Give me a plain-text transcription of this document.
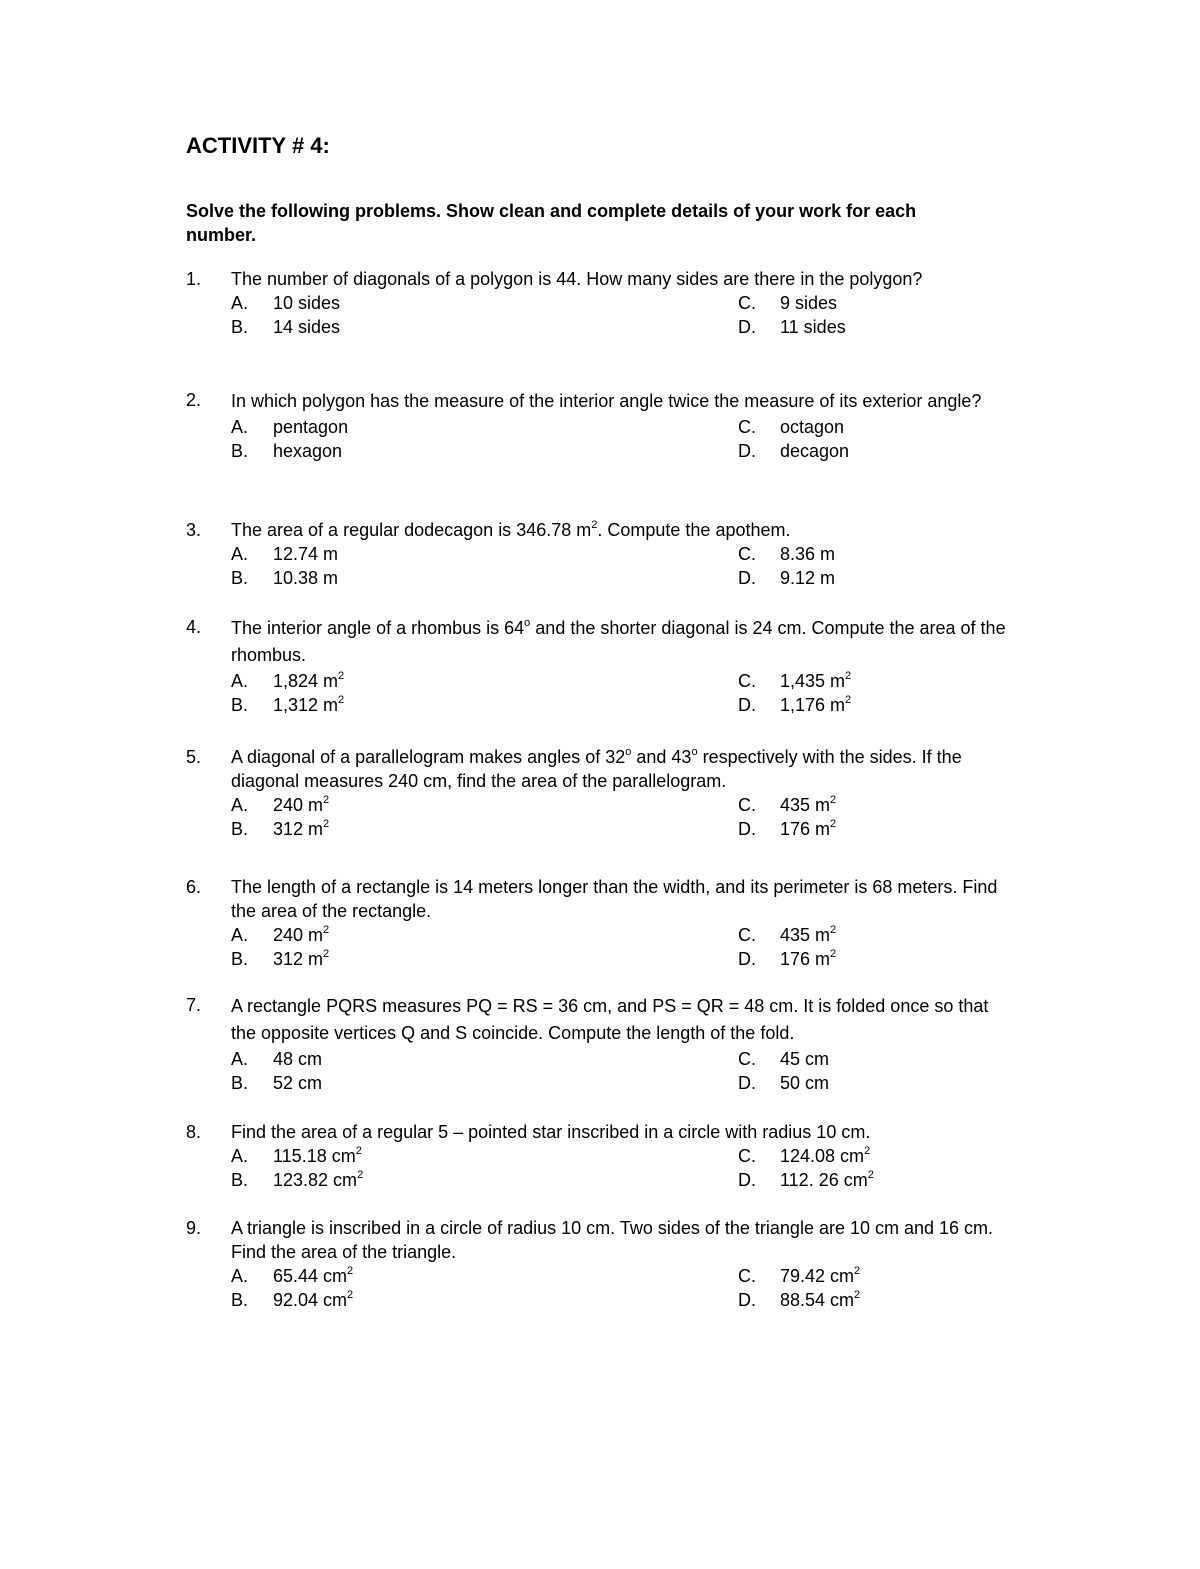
ACTIVITY # 4:

Solve the following problems. Show clean and complete details of your work for each number.

1. The number of diagonals of a polygon is 44. How many sides are there in the polygon?
A. 10 sides	C. 9 sides
B. 14 sides	D. 11 sides
2. In which polygon has the measure of the interior angle twice the measure of its exterior angle?
A. pentagon	C. octagon
B. hexagon	D. decagon
3. The area of a regular dodecagon is 346.78 $m^2$. Compute the apothem.
A. 12.74 m	C. 8.36 m
B. 10.38 m	D. 9.12 m
4. The interior angle of a rhombus is 64$^o$ and the shorter diagonal is 24 cm. Compute the area of the rhombus.
A. 1,824 $m^2$	C. 1,435 $m^2$
B. 1,312 $m^2$	D. 1,176 $m^2$
5. A diagonal of a parallelogram makes angles of 32$^o$ and 43$^o$ respectively with the sides. If the diagonal measures 240 cm, find the area of the parallelogram.
A. 240 $m^2$	C. 435 $m^2$
B. 312 $m^2$	D. 176 $m^2$
6. The length of a rectangle is 14 meters longer than the width, and its perimeter is 68 meters. Find the area of the rectangle.
A. 240 $m^2$	C. 435 $m^2$
B. 312 $m^2$	D. 176 $m^2$
7. A rectangle PQRS measures PQ = RS = 36 cm, and PS = QR = 48 cm. It is folded once so that the opposite vertices Q and S coincide. Compute the length of the fold.
A. 48 cm	C. 45 cm
B. 52 cm	D. 50 cm
8. Find the area of a regular 5 – pointed star inscribed in a circle with radius 10 cm.
A. 115.18 $cm^2$	C. 124.08 $cm^2$
B. 123.82 $cm^2$	D. 112. 26 $cm^2$
9. A triangle is inscribed in a circle of radius 10 cm. Two sides of the triangle are 10 cm and 16 cm. Find the area of the triangle.
A. 65.44 $cm^2$	C. 79.42 $cm^2$
B. 92.04 $cm^2$	D. 88.54 $cm^2$
